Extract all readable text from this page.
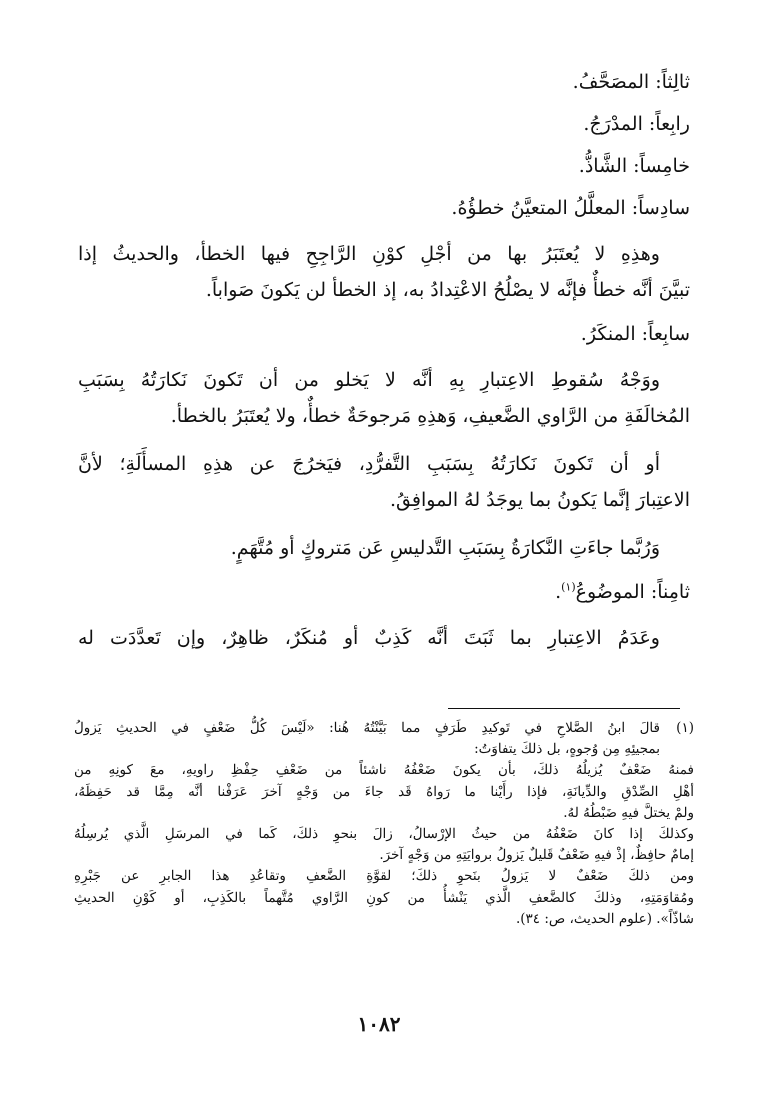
ثالِثاً: المصَحَّفُ.

رابِعاً: المدْرَجُ.

خامِساً: الشَّاذُّ.

سادِساً: المعلَّلُ المتعيَّنُ خطؤُهُ.

وهذِهِ لا يُعتَبَرُ بها من أجْلِ كوْنِ الرَّاجِحِ فيها الخطأ، والحديثُ إذا
تبيَّنَ أنَّه خطأٌ فإنَّه لا يصْلُحُ الاعْتِدادُ به، إذ الخطأ لن يَكونَ صَواباً.

سابِعاً: المنكَرُ.

ووَجْهُ سُقوطِ الاعِتبارِ بِهِ أنَّه لا يَخلو من أن تَكونَ نَكارَتُهُ بِسَبَبِ
المُخالَفَةِ من الرَّاوي الضَّعيفِ، وَهذِهِ مَرجوحَةٌ خطأٌ، ولا يُعتَبَرُ بالخطأ.
أو أن تَكونَ نَكارَتُهُ بِسَبَبِ التَّفرُّدِ، فيَخرُجَ عن هذِهِ المسأَلَةِ؛ لأنَّ
الاعتِبارَ إنَّما يَكونُ بما يوجَدُ لهُ الموافِقُ.
وَرُبَّما جاءَتِ النَّكارَةُ بِسَبَبِ التَّدليسِ عَن مَتروكٍ أو مُتَّهَمٍ.

ثامِناً: الموضُوعُ$^{(١)}$.

وعَدَمُ الاعِتبارِ بما ثَبَتَ أنَّه كَذِبٌ أو مُنكَرٌ، ظاهِرٌ، وإن تَعدَّدَت له
(١)
قالَ ابنُ الصَّلاحِ في تَوكيدِ طَرَفٍ مما بَيَّنْتُهُ هُنا: «لَيْسَ كُلُّ ضَعْفٍ في الحديثِ يَزولُ
بمجيئِهِ مِن وُجوهٍ، بل ذلكَ يتفاوَتُ:
فمنهُ ضَعْفٌ يُزيلُهُ ذلكَ، بأن يكونَ ضَعْفُهُ ناشئاً من ضَعْفِ حِفْظِ راويهِ، معَ كونِهِ من
أهْلِ الصِّدْقِ والدِّيانَةِ، فإذا رأَيْنا ما رَواهُ قَد جاءَ من وَجْهٍ آخرَ عَرَفْنا أنَّه مِمَّا قد حَفِظَهُ،
ولمْ يختلَّ فيهِ ضَبْطُهُ لهُ.
وكذلكَ إذا كانَ ضَعْفُهُ من حيثُ الإرْسالُ، زالَ بنحوِ ذلكَ، كَما في المرسَلِ الَّذي يُرسِلُهُ
إمامٌ حافِظٌ، إذْ فيهِ ضَعْفٌ قَليلٌ يَزولُ بروايَتِهِ من وَجْهٍ آخرَ.
ومن ذلكَ ضَعْفٌ لا يَزولُ بنَحوِ ذلكَ؛ لقوَّةِ الضَّعفِ وتقاعُدِ هذا الجابرِ عن جَبْرِهِ
ومُقاوَمَتِهِ، وذلكَ كالضَّعفِ الَّذي يَنْشأُ من كونِ الرَّاوي مُتَّهماً بالكَذِبِ، أو كَوْنِ الحديثِ
شاذّاً». (علوم الحديث، ص: ٣٤).
١٠٨٢
